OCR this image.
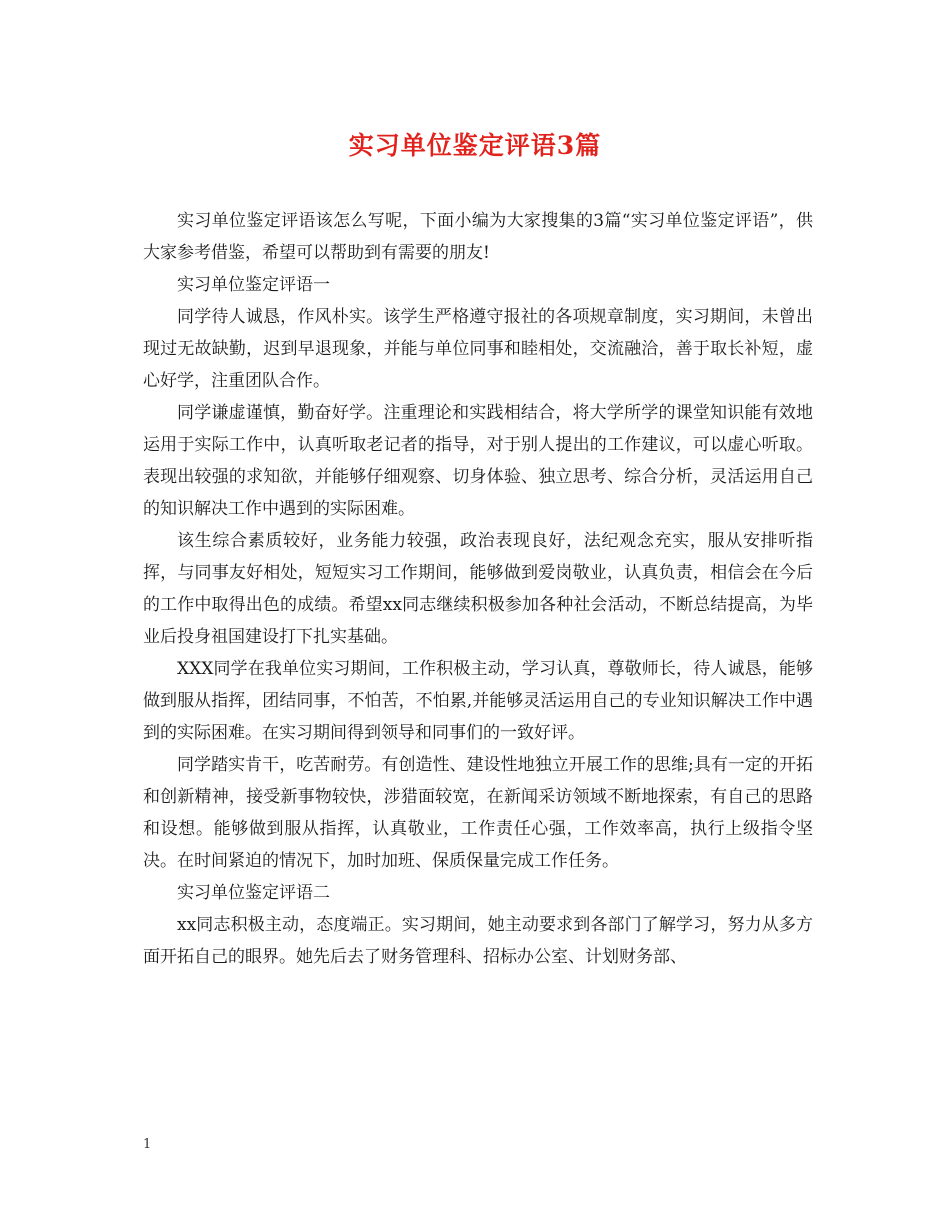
实习单位鉴定评语3篇

实习单位鉴定评语该怎么写呢，下面小编为大家搜集的3篇“实习单位鉴定评语”，供大家参考借鉴，希望可以帮助到有需要的朋友!

实习单位鉴定评语一

同学待人诚恳，作风朴实。该学生严格遵守报社的各项规章制度，实习期间，未曾出现过无故缺勤，迟到早退现象，并能与单位同事和睦相处，交流融洽，善于取长补短，虚心好学，注重团队合作。

同学谦虚谨慎，勤奋好学。注重理论和实践相结合，将大学所学的课堂知识能有效地运用于实际工作中，认真听取老记者的指导，对于别人提出的工作建议，可以虚心听取。表现出较强的求知欲，并能够仔细观察、切身体验、独立思考、综合分析，灵活运用自己的知识解决工作中遇到的实际困难。

该生综合素质较好，业务能力较强，政治表现良好，法纪观念充实，服从安排听指挥，与同事友好相处，短短实习工作期间，能够做到爱岗敬业，认真负责，相信会在今后的工作中取得出色的成绩。希望xx同志继续积极参加各种社会活动，不断总结提高，为毕业后投身祖国建设打下扎实基础。

XXX同学在我单位实习期间，工作积极主动，学习认真，尊敬师长，待人诚恳，能够做到服从指挥，团结同事，不怕苦，不怕累,并能够灵活运用自己的专业知识解决工作中遇到的实际困难。在实习期间得到领导和同事们的一致好评。

同学踏实肯干，吃苦耐劳。有创造性、建设性地独立开展工作的思维;具有一定的开拓和创新精神，接受新事物较快，涉猎面较宽，在新闻采访领域不断地探索，有自己的思路和设想。能够做到服从指挥，认真敬业，工作责任心强，工作效率高，执行上级指令坚决。在时间紧迫的情况下，加时加班、保质保量完成工作任务。

实习单位鉴定评语二

xx同志积极主动，态度端正。实习期间，她主动要求到各部门了解学习，努力从多方面开拓自己的眼界。她先后去了财务管理科、招标办公室、计划财务部、

1
